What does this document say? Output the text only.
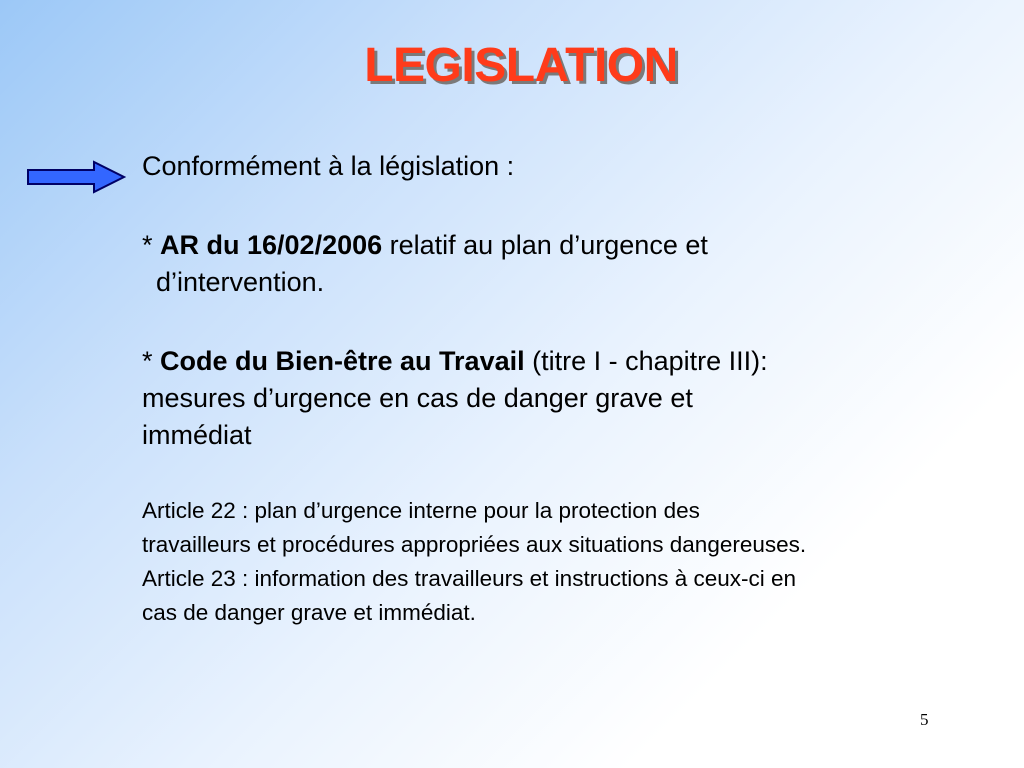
LEGISLATION

Conformément à la législation :

* AR du 16/02/2006 relatif au plan d’urgence et

d’intervention.

* Code du Bien-être au Travail (titre I - chapitre III):

mesures d’urgence en cas de danger grave et

immédiat

Article 22 : plan d’urgence interne pour la protection des

travailleurs et procédures appropriées aux situations dangereuses.

Article 23 : information des travailleurs et instructions à ceux-ci en

cas de danger grave et immédiat.

5
